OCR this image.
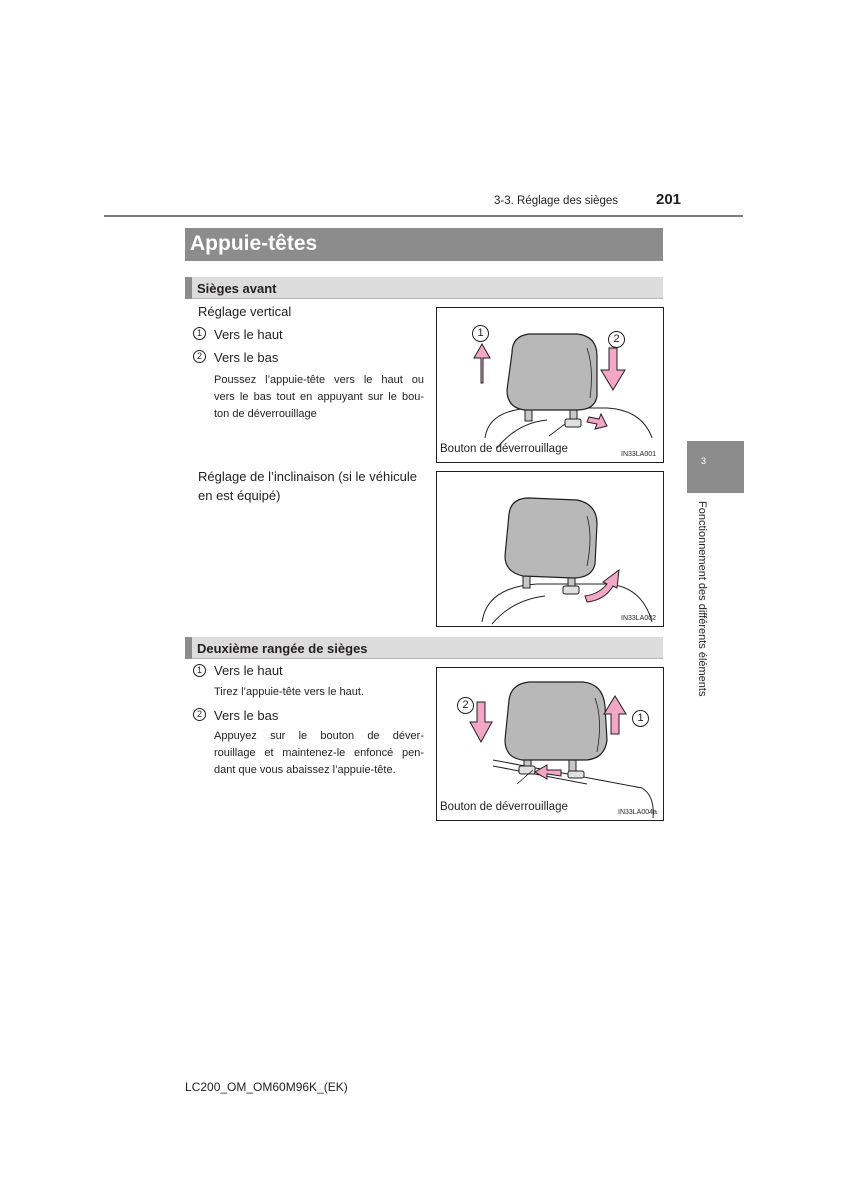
3-3. Réglage des sièges	201
Appuie-têtes
Sièges avant
Réglage vertical
1 Vers le haut
2 Vers le bas
Poussez l’appuie-tête vers le haut ou
vers le bas tout en appuyant sur le bou-
ton de déverrouillage
Réglage de l’inclinaison (si le véhicule
en est équipé)
1	2
Bouton de déverrouillage	IN33LA001
IN33LA002
Deuxième rangée de sièges
1 Vers le haut
Tirez l’appuie-tête vers le haut.
2 Vers le bas
Appuyez sur le bouton de déver-
rouillage et maintenez-le enfoncé pen-
dant que vous abaissez l’appuie-tête.
2
1
Bouton de déverrouillage	IN33LA004a
3
Fonctionnement des différents éléments
LC200_OM_OM60M96K_(EK)
